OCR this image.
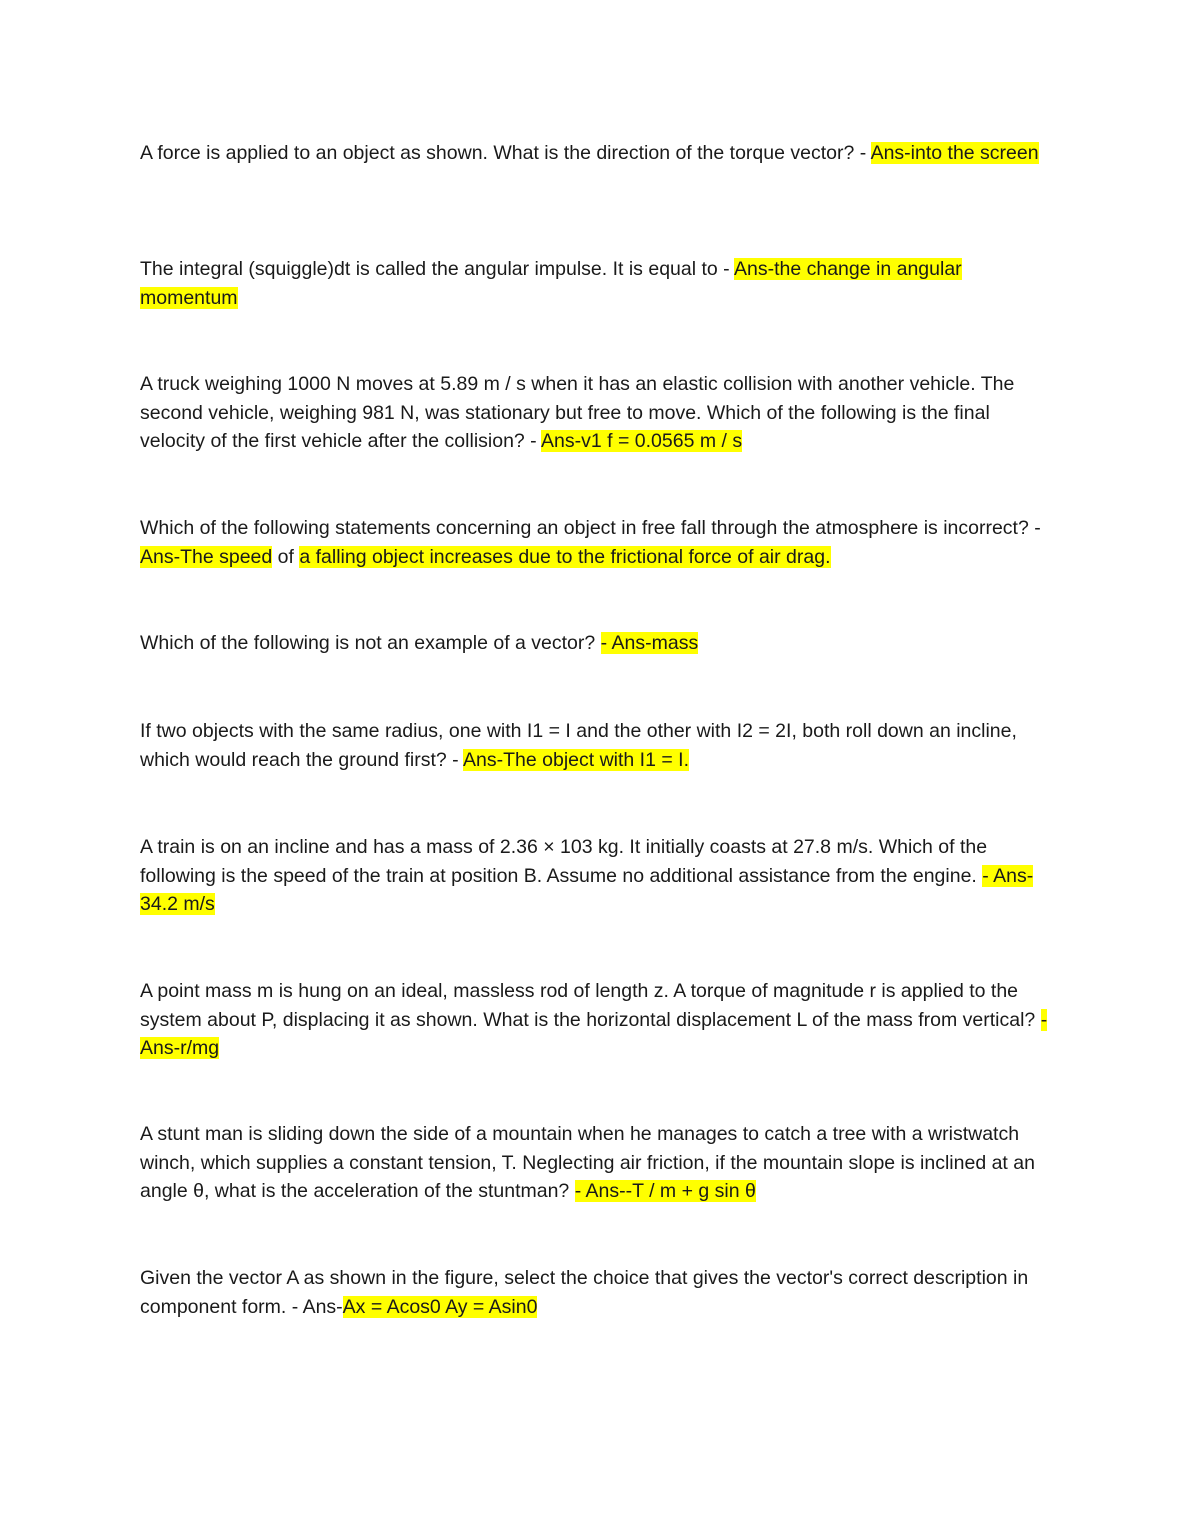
A force is applied to an object as shown. What is the direction of the torque vector? - Ans-into the screen

The integral (squiggle)dt is called the angular impulse. It is equal to - Ans-the change in angular momentum

A truck weighing 1000 N moves at 5.89 m / s when it has an elastic collision with another vehicle. The second vehicle, weighing 981 N, was stationary but free to move. Which of the following is the final velocity of the first vehicle after the collision? - Ans-v1 f = 0.0565 m / s

Which of the following statements concerning an object in free fall through the atmosphere is incorrect? - Ans-The speed of a falling object increases due to the frictional force of air drag.

Which of the following is not an example of a vector? - Ans-mass

If two objects with the same radius, one with I1 = I and the other with I2 = 2I, both roll down an incline, which would reach the ground first? - Ans-The object with I1 = I.

A train is on an incline and has a mass of 2.36 × 103 kg. It initially coasts at 27.8 m/s. Which of the following is the speed of the train at position B. Assume no additional assistance from the engine. - Ans-34.2 m/s

A point mass m is hung on an ideal, massless rod of length z. A torque of magnitude r is applied to the system about P, displacing it as shown. What is the horizontal displacement L of the mass from vertical? - Ans-r/mg

A stunt man is sliding down the side of a mountain when he manages to catch a tree with a wristwatch winch, which supplies a constant tension, T. Neglecting air friction, if the mountain slope is inclined at an angle θ, what is the acceleration of the stuntman? - Ans--T / m + g sin θ

Given the vector A as shown in the figure, select the choice that gives the vector's correct description in component form. - Ans-Ax = Acos0 Ay = Asin0
